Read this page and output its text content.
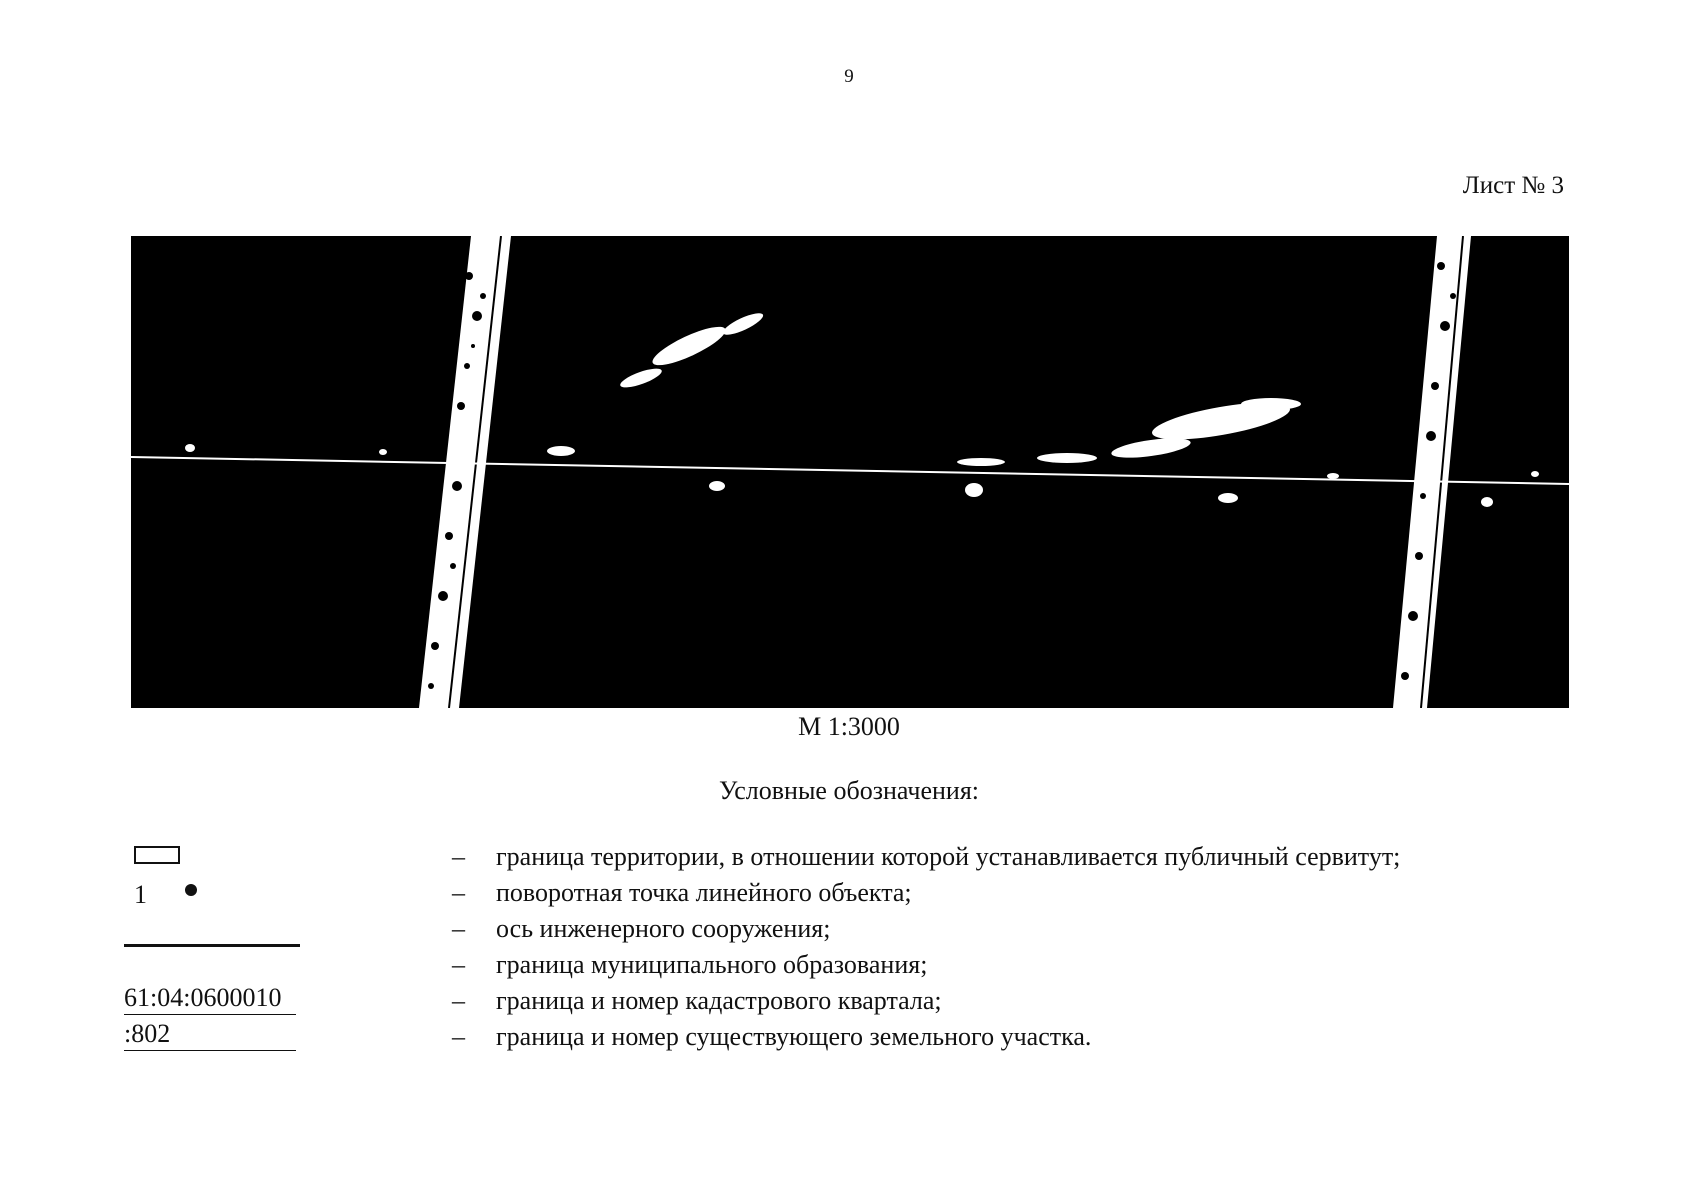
9
Лист № 3
М 1:3000
Условные обозначения:
– граница территории, в отношении которой устанавливается публичный сервитут;
1	– поворотная точка линейного объекта;
– ось инженерного сооружения;
– граница муниципального образования;
61:04:0600010	– граница и номер кадастрового квартала;
:802	– граница и номер существующего земельного участка.
